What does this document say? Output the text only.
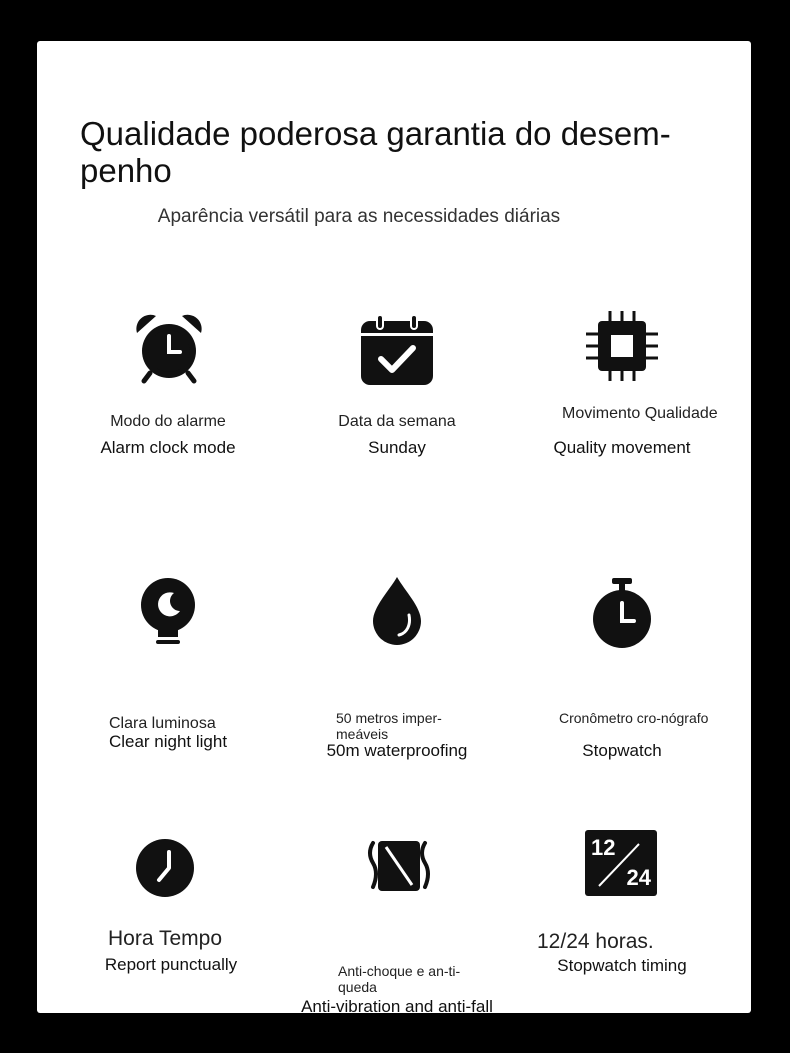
Qualidade poderosa garantia do desem-penho
Aparência versátil para as necessidades diárias
Modo do alarme
Alarm clock mode
Data da semana
Sunday
Movimento Qualidade
Quality movement
Clara luminosa
Clear night light
50 metros imper-meáveis
50m waterproofing
Cronômetro cro-nógrafo
Stopwatch
Hora Tempo
Report punctually	Anti-choque e an-ti-queda
Anti-vibration and anti-fall
12
24
12/24 horas.
Stopwatch timing
